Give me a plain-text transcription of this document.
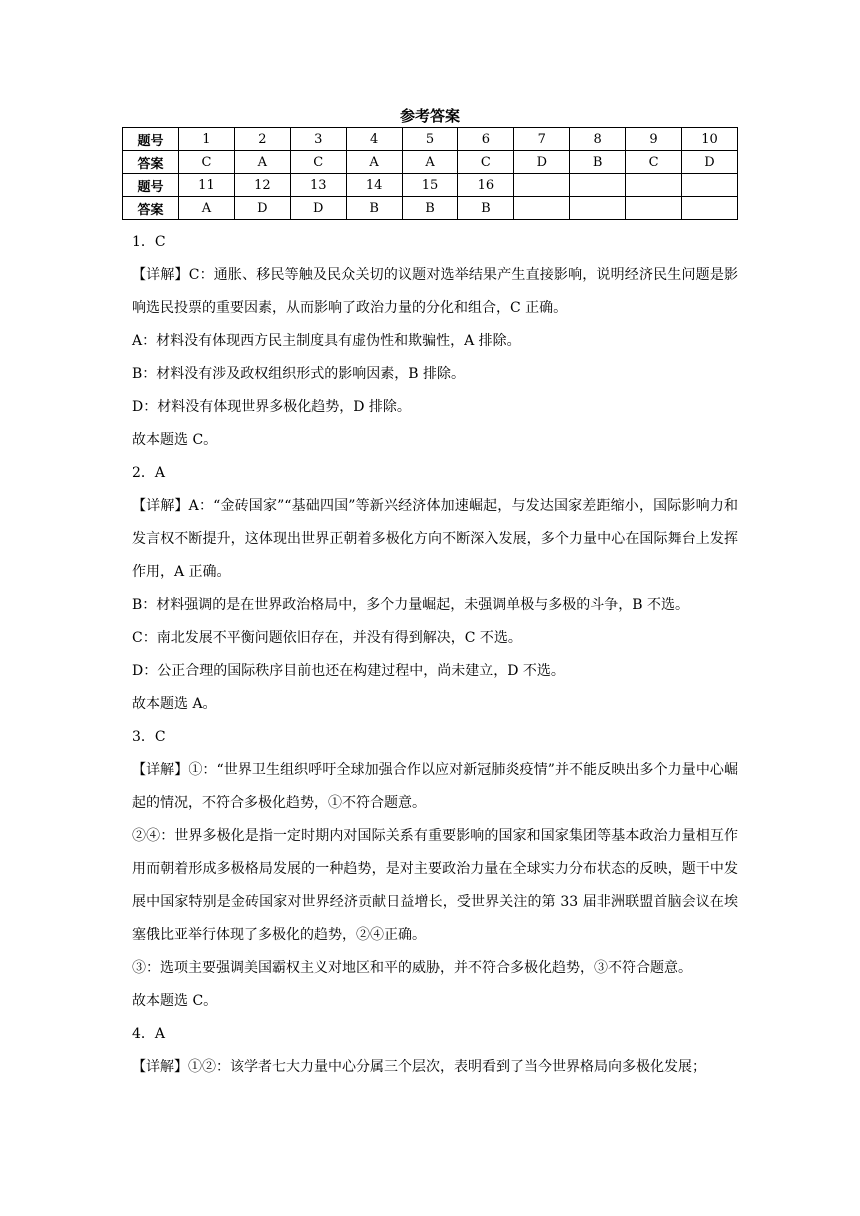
参考答案
题号	1	2	3	4	5	6	7	8	9	10
答案	C	A	C	A	A	C	D	B	C	D
题号	11	12	13	14	15	16				
答案	A	D	D	B	B	B				

1．C

【详解】C：通胀、移民等触及民众关切的议题对选举结果产生直接影响，说明经济民生问题是影响选民投票的重要因素，从而影响了政治力量的分化和组合，C 正确。

A：材料没有体现西方民主制度具有虚伪性和欺骗性，A 排除。

B：材料没有涉及政权组织形式的影响因素，B 排除。

D：材料没有体现世界多极化趋势，D 排除。

故本题选 C。

2．A

【详解】A：“金砖国家”“基础四国”等新兴经济体加速崛起，与发达国家差距缩小，国际影响力和发言权不断提升，这体现出世界正朝着多极化方向不断深入发展，多个力量中心在国际舞台上发挥作用，A 正确。

B：材料强调的是在世界政治格局中，多个力量崛起，未强调单极与多极的斗争，B 不选。

C：南北发展不平衡问题依旧存在，并没有得到解决，C 不选。

D：公正合理的国际秩序目前也还在构建过程中，尚未建立，D 不选。

故本题选 A。

3．C

【详解】①：“世界卫生组织呼吁全球加强合作以应对新冠肺炎疫情”并不能反映出多个力量中心崛起的情况，不符合多极化趋势，①不符合题意。

②④：世界多极化是指一定时期内对国际关系有重要影响的国家和国家集团等基本政治力量相互作用而朝着形成多极格局发展的一种趋势，是对主要政治力量在全球实力分布状态的反映，题干中发展中国家特别是金砖国家对世界经济贡献日益增长，受世界关注的第 33 届非洲联盟首脑会议在埃塞俄比亚举行体现了多极化的趋势，②④正确。

③：选项主要强调美国霸权主义对地区和平的威胁，并不符合多极化趋势，③不符合题意。

故本题选 C。

4．A

【详解】①②：该学者七大力量中心分属三个层次，表明看到了当今世界格局向多极化发展；
